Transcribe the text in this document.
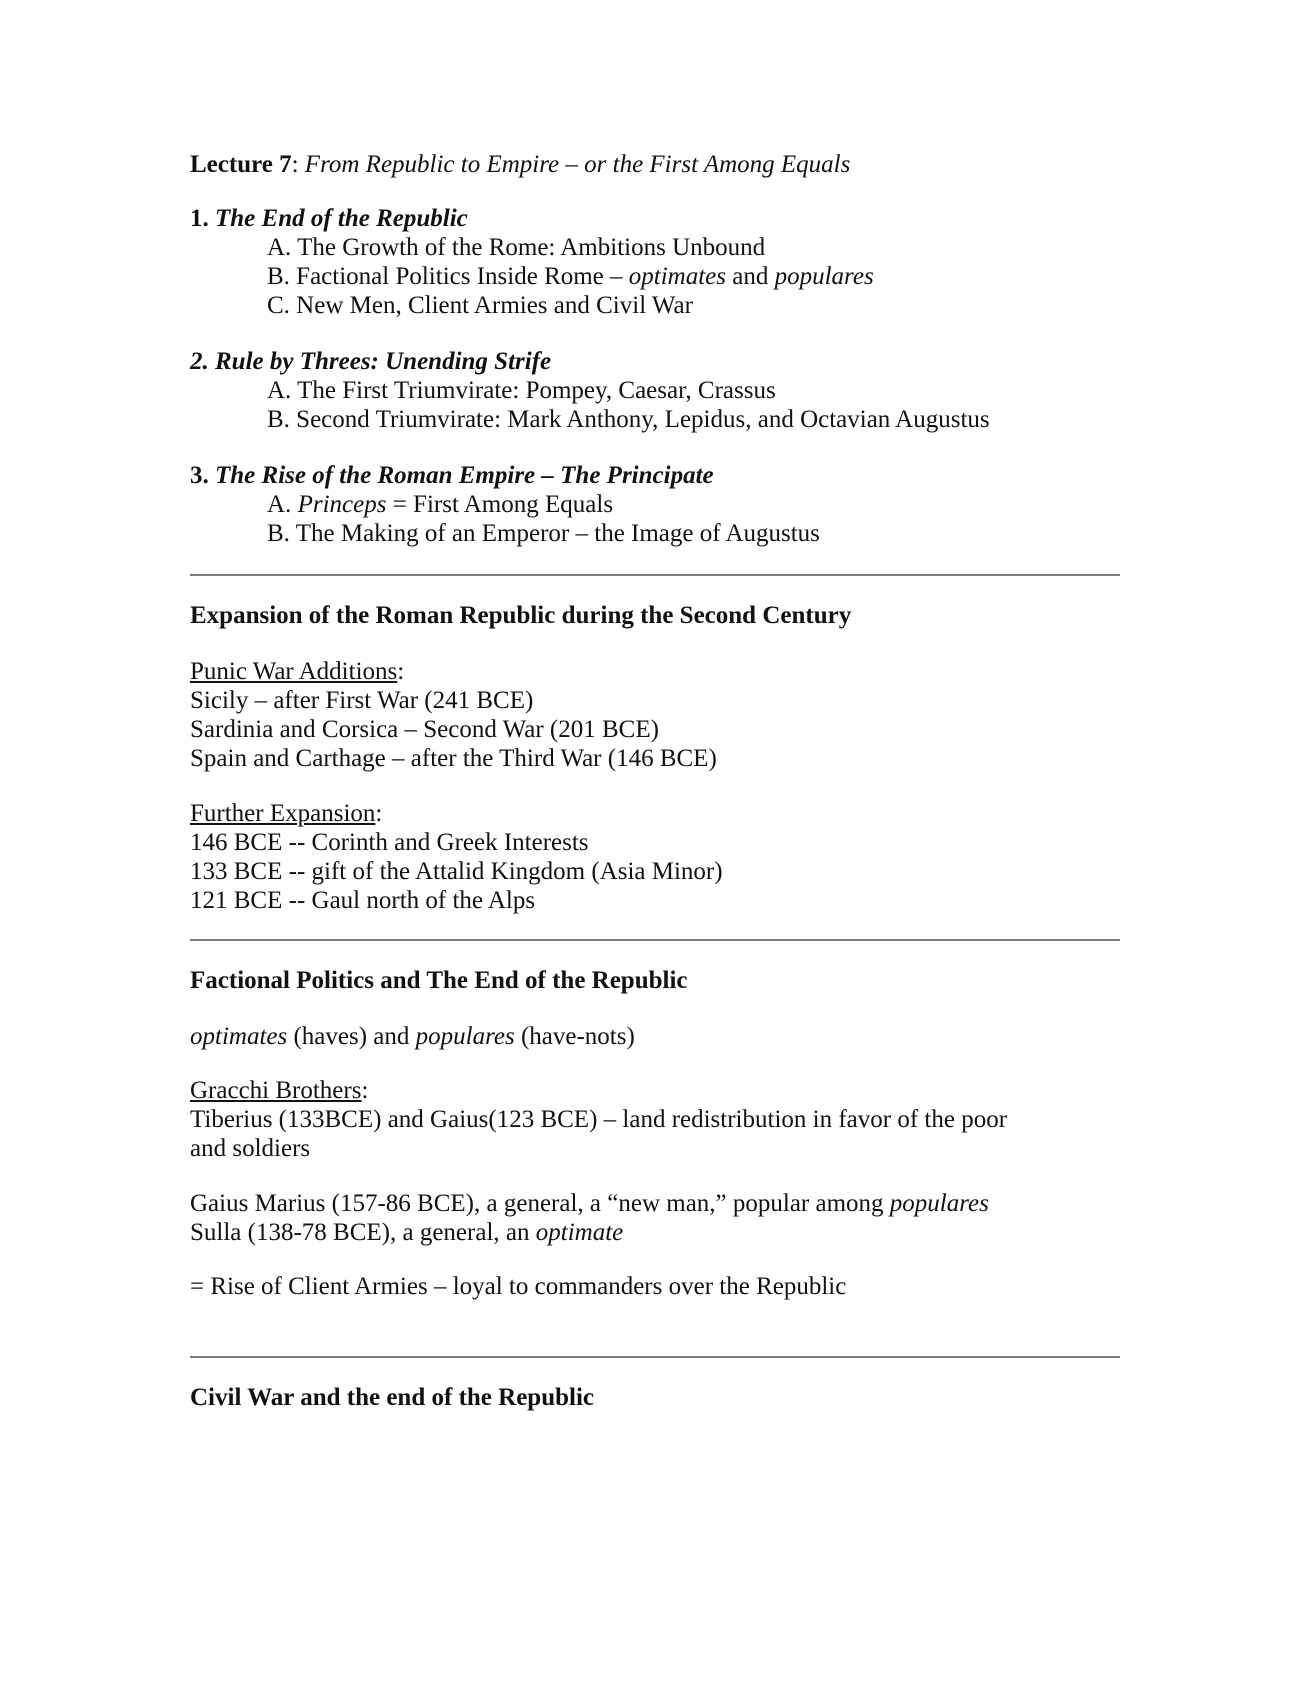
Lecture 7: From Republic to Empire – or the First Among Equals
1. The End of the Republic
A. The Growth of the Rome: Ambitions Unbound
B. Factional Politics Inside Rome – optimates and populares
C. New Men, Client Armies and Civil War
2. Rule by Threes: Unending Strife
A. The First Triumvirate: Pompey, Caesar, Crassus
B. Second Triumvirate: Mark Anthony, Lepidus, and Octavian Augustus
3. The Rise of the Roman Empire – The Principate
A. Princeps = First Among Equals
B. The Making of an Emperor – the Image of Augustus
Expansion of the Roman Republic during the Second Century
Punic War Additions:
Sicily – after First War (241 BCE)
Sardinia and Corsica – Second War (201 BCE)
Spain and Carthage – after the Third War (146 BCE)
Further Expansion:
146 BCE -- Corinth and Greek Interests
133 BCE -- gift of the Attalid Kingdom (Asia Minor)
121 BCE -- Gaul north of the Alps
Factional Politics and The End of the Republic
optimates (haves) and populares (have-nots)
Gracchi Brothers:
Tiberius (133BCE) and Gaius(123 BCE) – land redistribution in favor of the poor and soldiers
Gaius Marius (157-86 BCE), a general, a “new man,” popular among populares
Sulla (138-78 BCE), a general, an optimate
= Rise of Client Armies – loyal to commanders over the Republic
Civil War and the end of the Republic
